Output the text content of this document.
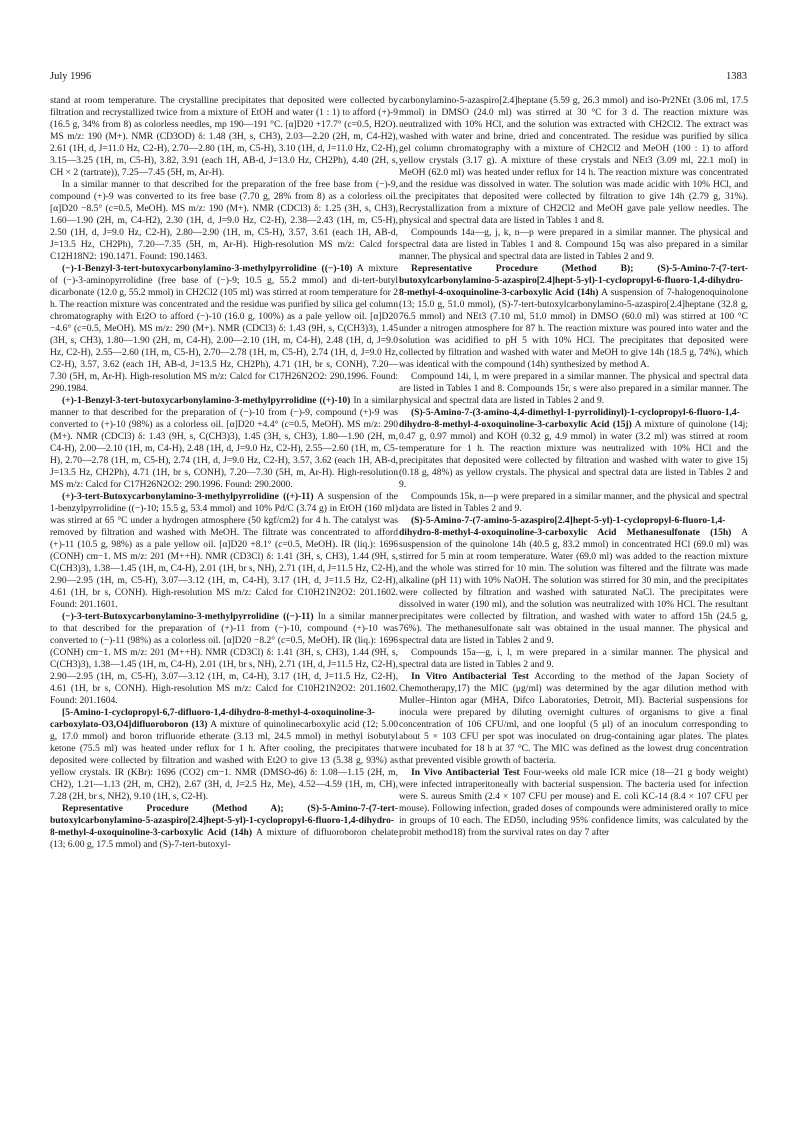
July 1996	1383

stand at room temperature. The crystalline precipitates that deposited were collected by filtration and recrystallized twice from a mixture of EtOH and water (1 : 1) to afford (+)-9 (16.5 g, 34% from 8) as colorless needles, mp 190—191 °C. [α]D20 +17.7° (c=0.5, H2O). MS m/z: 190 (M+). NMR (CD3OD) δ: 1.48 (3H, s, CH3), 2.03—2.20 (2H, m, C4-H2), 2.61 (1H, d, J=11.0 Hz, C2-H), 2.70—2.80 (1H, m, C5-H), 3.10 (1H, d, J=11.0 Hz, C2-H), 3.15—3.25 (1H, m, C5-H), 3.82, 3.91 (each 1H, AB-d, J=13.0 Hz, CH2Ph), 4.40 (2H, s, CH × 2 (tartrate)), 7.25—7.45 (5H, m, Ar-H).

In a similar manner to that described for the preparation of the free base from (−)-9, compound (+)-9 was converted to its free base (7.70 g, 28% from 8) as a colorless oil. [α]D20 −8.5° (c=0.5, MeOH). MS m/z: 190 (M+). NMR (CDCl3) δ: 1.25 (3H, s, CH3), 1.60—1.90 (2H, m, C4-H2), 2.30 (1H, d, J=9.0 Hz, C2-H), 2.38—2.43 (1H, m, C5-H), 2.50 (1H, d, J=9.0 Hz, C2-H), 2.80—2.90 (1H, m, C5-H), 3.57, 3.61 (each 1H, AB-d, J=13.5 Hz, CH2Ph), 7.20—7.35 (5H, m, Ar-H). High-resolution MS m/z: Calcd for C12H18N2: 190.1471. Found: 190.1463.

(−)-1-Benzyl-3-tert-butoxycarbonylamino-3-methylpyrrolidine ((−)-10) A mixture of (−)-3-aminopyrrolidine (free base of (−)-9; 10.5 g, 55.2 mmol) and di-tert-butyl dicarbonate (12.0 g, 55.2 mmol) in CH2Cl2 (105 ml) was stirred at room temperature for 2 h. The reaction mixture was concentrated and the residue was purified by silica gel column chromatography with Et2O to afford (−)-10 (16.0 g, 100%) as a pale yellow oil. [α]D20 −4.6° (c=0.5, MeOH). MS m/z: 290 (M+). NMR (CDCl3) δ: 1.43 (9H, s, C(CH3)3), 1.45 (3H, s, CH3), 1.80—1.90 (2H, m, C4-H), 2.00—2.10 (1H, m, C4-H), 2.48 (1H, d, J=9.0 Hz, C2-H), 2.55—2.60 (1H, m, C5-H), 2.70—2.78 (1H, m, C5-H), 2.74 (1H, d, J=9.0 Hz, C2-H), 3.57, 3.62 (each 1H, AB-d, J=13.5 Hz, CH2Ph), 4.71 (1H, br s, CONH), 7.20—7.30 (5H, m, Ar-H). High-resolution MS m/z: Calcd for C17H26N2O2: 290.1996. Found: 290.1984.

(+)-1-Benzyl-3-tert-butoxycarbonylamino-3-methylpyrrolidine ((+)-10) In a similar manner to that described for the preparation of (−)-10 from (−)-9, compound (+)-9 was converted to (+)-10 (98%) as a colorless oil. [α]D20 +4.4° (c=0.5, MeOH). MS m/z: 290 (M+). NMR (CDCl3) δ: 1.43 (9H, s, C(CH3)3), 1.45 (3H, s, CH3), 1.80—1.90 (2H, m, C4-H), 2.00—2.10 (1H, m, C4-H), 2.48 (1H, d, J=9.0 Hz, C2-H), 2.55—2.60 (1H, m, C5-H), 2.70—2.78 (1H, m, C5-H), 2.74 (1H, d, J=9.0 Hz, C2-H), 3.57, 3.62 (each 1H, AB-d, J=13.5 Hz, CH2Ph), 4.71 (1H, br s, CONH), 7.20—7.30 (5H, m, Ar-H). High-resolution MS m/z: Calcd for C17H26N2O2: 290.1996. Found: 290.2000.

(+)-3-tert-Butoxycarbonylamino-3-methylpyrrolidine ((+)-11) A suspension of the 1-benzylpyrrolidine ((−)-10; 15.5 g, 53.4 mmol) and 10% Pd/C (3.74 g) in EtOH (160 ml) was stirred at 65 °C under a hydrogen atmosphere (50 kgf/cm2) for 4 h. The catalyst was removed by filtration and washed with MeOH. The filtrate was concentrated to afford (+)-11 (10.5 g, 98%) as a pale yellow oil. [α]D20 +8.1° (c=0.5, MeOH). IR (liq.): 1696 (CONH) cm−1. MS m/z: 201 (M++H). NMR (CD3Cl) δ: 1.41 (3H, s, CH3), 1.44 (9H, s, C(CH3)3), 1.38—1.45 (1H, m, C4-H), 2.01 (1H, br s, NH), 2.71 (1H, d, J=11.5 Hz, C2-H), 2.90—2.95 (1H, m, C5-H), 3.07—3.12 (1H, m, C4-H), 3.17 (1H, d, J=11.5 Hz, C2-H), 4.61 (1H, br s, CONH). High-resolution MS m/z: Calcd for C10H21N2O2: 201.1602. Found: 201.1601.

(−)-3-tert-Butoxycarbonylamino-3-methylpyrrolidine ((−)-11) In a similar manner to that described for the preparation of (+)-11 from (−)-10, compound (+)-10 was converted to (−)-11 (98%) as a colorless oil. [α]D20 −8.2° (c=0.5, MeOH). IR (liq.): 1696 (CONH) cm−1. MS m/z: 201 (M++H). NMR (CD3Cl) δ: 1.41 (3H, s, CH3), 1.44 (9H, s, C(CH3)3), 1.38—1.45 (1H, m, C4-H), 2.01 (1H, br s, NH), 2.71 (1H, d, J=11.5 Hz, C2-H), 2.90—2.95 (1H, m, C5-H), 3.07—3.12 (1H, m, C4-H), 3.17 (1H, d, J=11.5 Hz, C2-H), 4.61 (1H, br s, CONH). High-resolution MS m/z: Calcd for C10H21N2O2: 201.1602. Found: 201.1604.

[5-Amino-1-cyclopropyl-6,7-difluoro-1,4-dihydro-8-methyl-4-oxoquinoline-3-carboxylato-O3,O4]difluoroboron (13) A mixture of quinolinecarboxylic acid (12; 5.00 g, 17.0 mmol) and boron trifluoride etherate (3.13 ml, 24.5 mmol) in methyl isobutyl ketone (75.5 ml) was heated under reflux for 1 h. After cooling, the precipitates that deposited were collected by filtration and washed with Et2O to give 13 (5.38 g, 93%) as yellow crystals. IR (KBr): 1696 (CO2) cm−1. NMR (DMSO-d6) δ: 1.08—1.15 (2H, m, CH2), 1.21—1.13 (2H, m, CH2), 2.67 (3H, d, J=2.5 Hz, Me), 4.52—4.59 (1H, m, CH), 7.28 (2H, br s, NH2), 9.10 (1H, s, C2-H).

Representative Procedure (Method A); (S)-5-Amino-7-(7-tert-butoxylcarbonylamino-5-azaspiro[2.4]hept-5-yl)-1-cyclopropyl-6-fluoro-1,4-dihydro-8-methyl-4-oxoquinoline-3-carboxylic Acid (14h) A mixture of difluoroboron chelate (13; 6.00 g, 17.5 mmol) and (S)-7-tert-butoxyl-

carbonylamino-5-azaspiro[2.4]heptane (5.59 g, 26.3 mmol) and iso-Pr2NEt (3.06 ml, 17.5 mmol) in DMSO (24.0 ml) was stirred at 30 °C for 3 d. The reaction mixture was neutralized with 10% HCl, and the solution was extracted with CH2Cl2. The extract was washed with water and brine, dried and concentrated. The residue was purified by silica gel column chromatography with a mixture of CH2Cl2 and MeOH (100 : 1) to afford yellow crystals (3.17 g). A mixture of these crystals and NEt3 (3.09 ml, 22.1 mol) in MeOH (62.0 ml) was heated under reflux for 14 h. The reaction mixture was concentrated and the residue was dissolved in water. The solution was made acidic with 10% HCl, and the precipitates that deposited were collected by filtration to give 14h (2.79 g, 31%). Recrystallization from a mixture of CH2Cl2 and MeOH gave pale yellow needles. The physical and spectral data are listed in Tables 1 and 8.

Compounds 14a—g, j, k, n—p were prepared in a similar manner. The physical and spectral data are listed in Tables 1 and 8. Compound 15q was also prepared in a similar manner. The physical and spectral data are listed in Tables 2 and 9.

Representative Procedure (Method B); (S)-5-Amino-7-(7-tert-butoxylcarbonylamino-5-azaspiro[2.4]hept-5-yl)-1-cyclopropyl-6-fluoro-1,4-dihydro-8-methyl-4-oxoquinoline-3-carboxylic Acid (14h) A suspension of 7-halogenoquinolone (13; 15.0 g, 51.0 mmol), (S)-7-tert-butoxylcarbonylamino-5-azaspiro[2.4]heptane (32.8 g, 76.5 mmol) and NEt3 (7.10 ml, 51.0 mmol) in DMSO (60.0 ml) was stirred at 100 °C under a nitrogen atmosphere for 87 h. The reaction mixture was poured into water and the solution was acidified to pH 5 with 10% HCl. The precipitates that deposited were collected by filtration and washed with water and MeOH to give 14h (18.5 g, 74%), which was identical with the compound (14h) synthesized by method A.

Compound 14i, l, m were prepared in a similar manner. The physical and spectral data are listed in Tables 1 and 8. Compounds 15r, s were also prepared in a similar manner. The physical and spectral data are listed in Tables 2 and 9.

(S)-5-Amino-7-(3-amino-4,4-dimethyl-1-pyrrolidinyl)-1-cyclopropyl-6-fluoro-1,4-dihydro-8-methyl-4-oxoquinoline-3-carboxylic Acid (15j) A mixture of quinolone (14j; 0.47 g, 0.97 mmol) and KOH (0.32 g, 4.9 mmol) in water (3.2 ml) was stirred at room temperature for 1 h. The reaction mixture was neutralized with 10% HCl and the precipitates that deposited were collected by filtration and washed with water to give 15j (0.18 g, 48%) as yellow crystals. The physical and spectral data are listed in Tables 2 and 9.

Compounds 15k, n—p were prepared in a similar manner, and the physical and spectral data are listed in Tables 2 and 9.

(S)-5-Amino-7-(7-amino-5-azaspiro[2.4]hept-5-yl)-1-cyclopropyl-6-fluoro-1,4-dihydro-8-methyl-4-oxoquinoline-3-carboxylic Acid Methanesulfonate (15h) A suspension of the quinolone 14h (40.5 g, 83.2 mmol) in concentrated HCl (69.0 ml) was stirred for 5 min at room temperature. Water (69.0 ml) was added to the reaction mixture and the whole was stirred for 10 min. The solution was filtered and the filtrate was made alkaline (pH 11) with 10% NaOH. The solution was stirred for 30 min, and the precipitates were collected by filtration and washed with saturated NaCl. The precipitates were dissolved in water (190 ml), and the solution was neutralized with 10% HCl. The resultant precipitates were collected by filtration, and washed with water to afford 15h (24.5 g, 76%). The methanesulfonate salt was obtained in the usual manner. The physical and spectral data are listed in Tables 2 and 9.

Compounds 15a—g, i, l, m were prepared in a similar manner. The physical and spectral data are listed in Tables 2 and 9.

In Vitro Antibacterial Test According to the method of the Japan Society of Chemotherapy,17) the MIC (μg/ml) was determined by the agar dilution method with Muller–Hinton agar (MHA, Difco Laboratories, Detroit, MI). Bacterial suspensions for inocula were prepared by diluting overnight cultures of organisms to give a final concentration of 106 CFU/ml, and one loopful (5 μl) of an inoculum corresponding to about 5 × 103 CFU per spot was inoculated on drug-containing agar plates. The plates were incubated for 18 h at 37 °C. The MIC was defined as the lowest drug concentration that prevented visible growth of bacteria.

In Vivo Antibacterial Test Four-weeks old male ICR mice (18—21 g body weight) were infected intraperitoneally with bacterial suspension. The bacteria used for infection were S. aureus Smith (2.4 × 107 CFU per mouse) and E. coli KC-14 (8.4 × 107 CFU per mouse). Following infection, graded doses of compounds were administered orally to mice in groups of 10 each. The ED50, including 95% confidence limits, was calculated by the probit method18) from the survival rates on day 7 after
